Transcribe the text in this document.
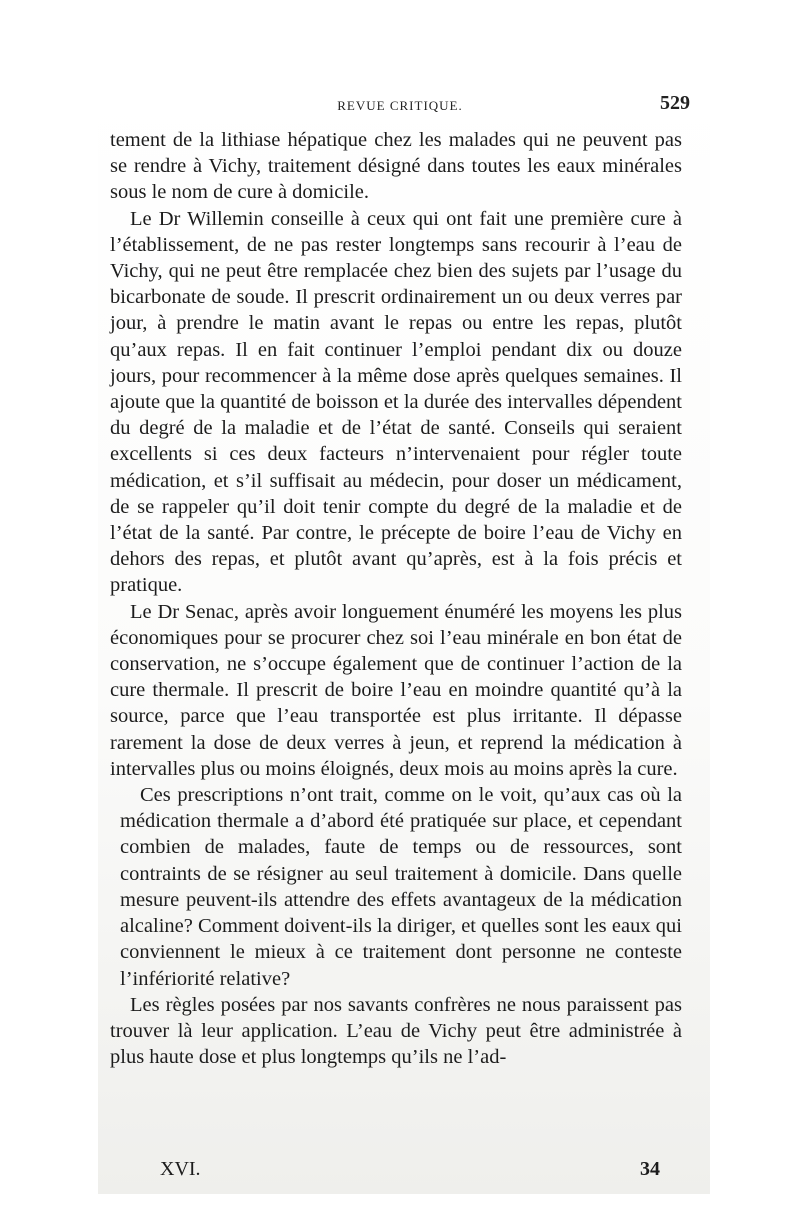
REVUE CRITIQUE.	529

tement de la lithiase hépatique chez les malades qui ne peuvent pas se rendre à Vichy, traitement désigné dans toutes les eaux minérales sous le nom de cure à domicile.

Le Dr Willemin conseille à ceux qui ont fait une première cure à l’établissement, de ne pas rester longtemps sans recourir à l’eau de Vichy, qui ne peut être remplacée chez bien des sujets par l’usage du bicarbonate de soude. Il prescrit ordinairement un ou deux verres par jour, à prendre le matin avant le repas ou entre les repas, plutôt qu’aux repas. Il en fait continuer l’emploi pendant dix ou douze jours, pour recommencer à la même dose après quelques semaines. Il ajoute que la quantité de boisson et la durée des intervalles dépendent du degré de la maladie et de l’état de santé. Conseils qui seraient excellents si ces deux facteurs n’intervenaient pour régler toute médication, et s’il suffisait au médecin, pour doser un médicament, de se rappeler qu’il doit tenir compte du degré de la maladie et de l’état de la santé. Par contre, le précepte de boire l’eau de Vichy en dehors des repas, et plutôt avant qu’après, est à la fois précis et pratique.

Le Dr Senac, après avoir longuement énuméré les moyens les plus économiques pour se procurer chez soi l’eau minérale en bon état de conservation, ne s’occupe également que de continuer l’action de la cure thermale. Il prescrit de boire l’eau en moindre quantité qu’à la source, parce que l’eau transportée est plus irritante. Il dépasse rarement la dose de deux verres à jeun, et reprend la médication à intervalles plus ou moins éloignés, deux mois au moins après la cure.

Ces prescriptions n’ont trait, comme on le voit, qu’aux cas où la médication thermale a d’abord été pratiquée sur place, et cependant combien de malades, faute de temps ou de ressources, sont contraints de se résigner au seul traitement à domicile. Dans quelle mesure peuvent-ils attendre des effets avantageux de la médication alcaline? Comment doivent-ils la diriger, et quelles sont les eaux qui conviennent le mieux à ce traitement dont personne ne conteste l’infériorité relative?

Les règles posées par nos savants confrères ne nous paraissent pas trouver là leur application. L’eau de Vichy peut être administrée à plus haute dose et plus longtemps qu’ils ne l’ad-

XVI.	34
